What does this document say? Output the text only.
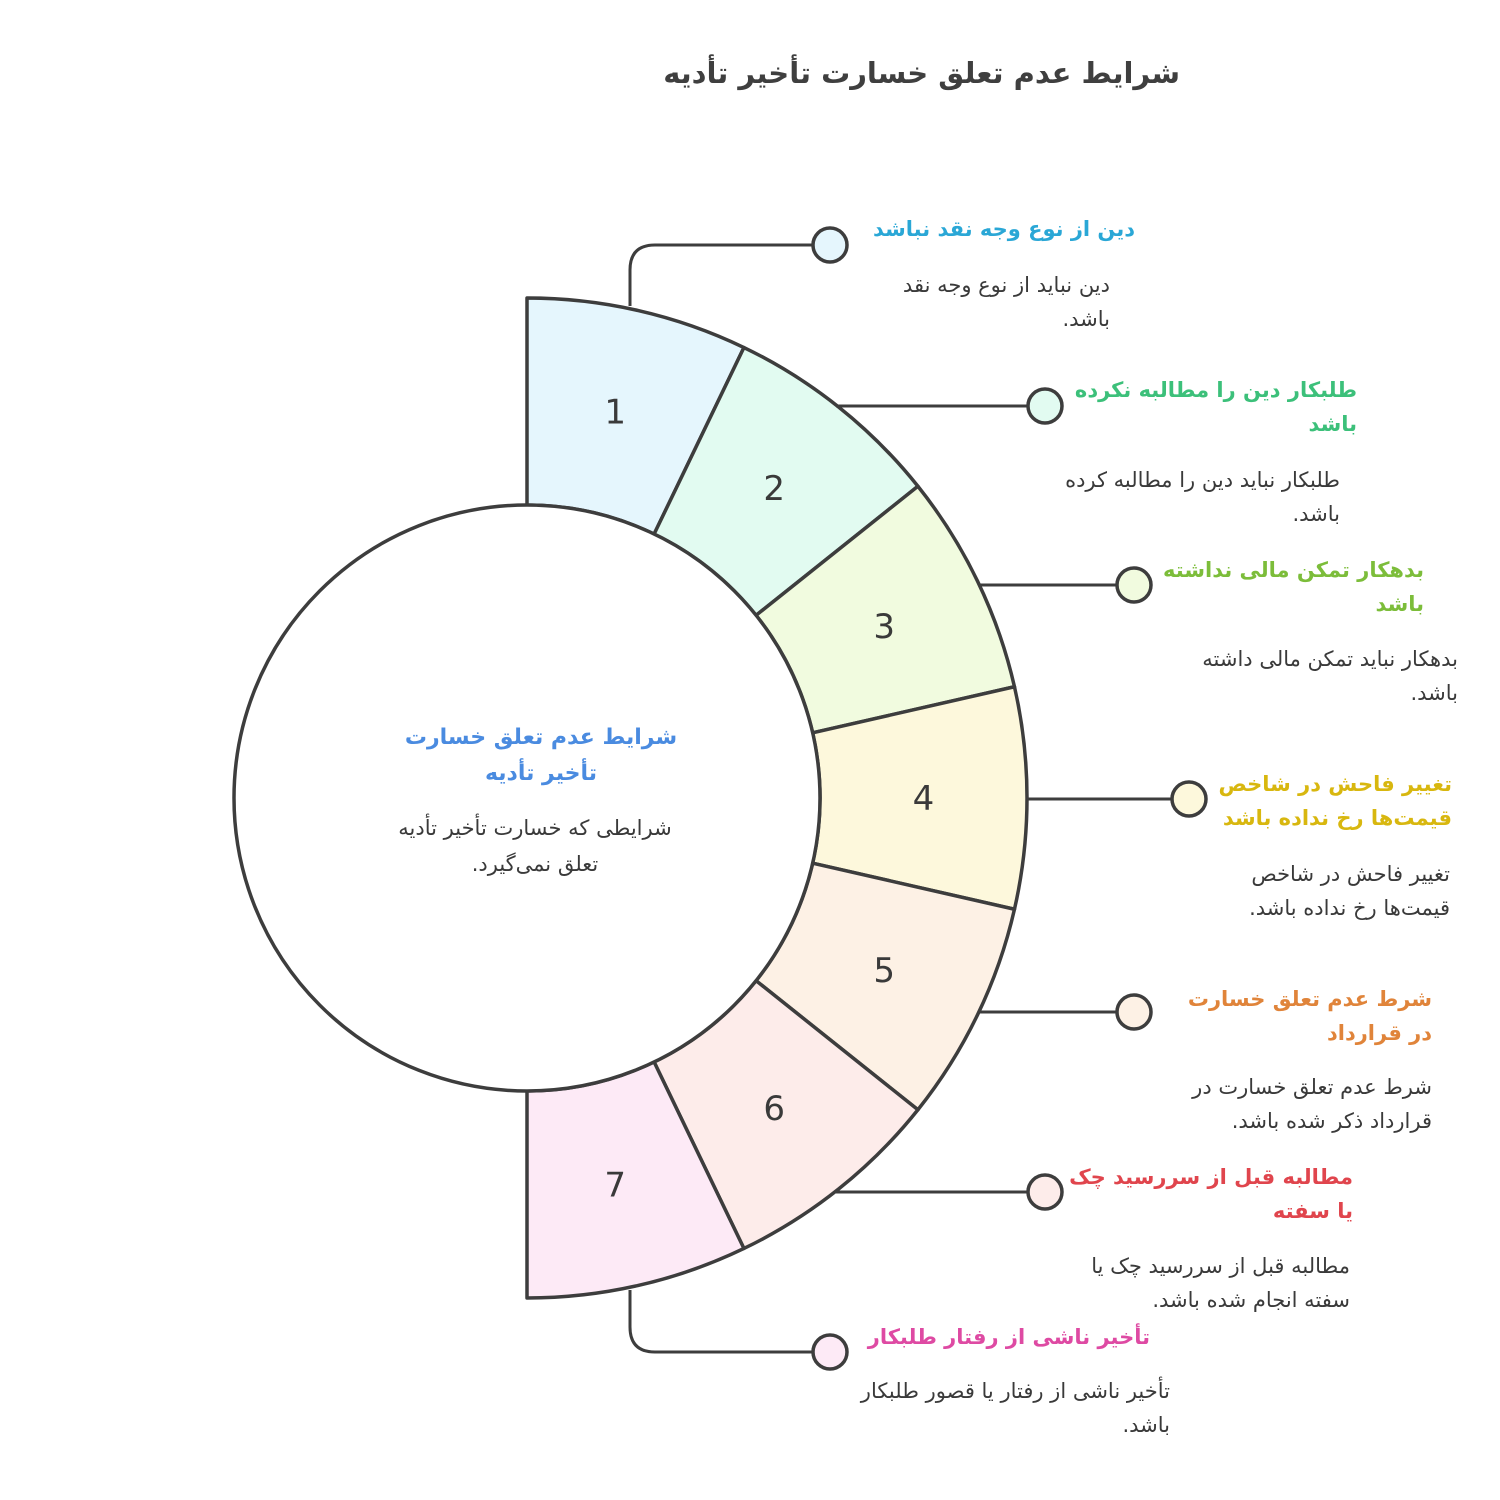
شرایط عدم تعلق خسارت تأخیر تأدیه
1
2
3
4
5
6
7
شرایط عدم تعلق خسارت تأخیر تأدیه
شرایطی که خسارت تأخیر تأدیه تعلق نمی‌گیرد.
دین از نوع وجه نقد نباشد
دین نباید از نوع وجه نقد باشد.
طلبکار دین را مطالبه نکرده باشد
طلبکار نباید دین را مطالبه کرده باشد.
بدهکار تمکن مالی نداشته باشد
بدهکار نباید تمکن مالی داشته باشد.
تغییر فاحش در شاخص قیمت‌ها رخ نداده باشد
تغییر فاحش در شاخص قیمت‌ها رخ نداده باشد.
شرط عدم تعلق خسارت در قرارداد
شرط عدم تعلق خسارت در قرارداد ذکر شده باشد.
مطالبه قبل از سررسید چک یا سفته
مطالبه قبل از سررسید چک یا سفته انجام شده باشد.
تأخیر ناشی از رفتار طلبکار
تأخیر ناشی از رفتار یا قصور طلبکار باشد.
